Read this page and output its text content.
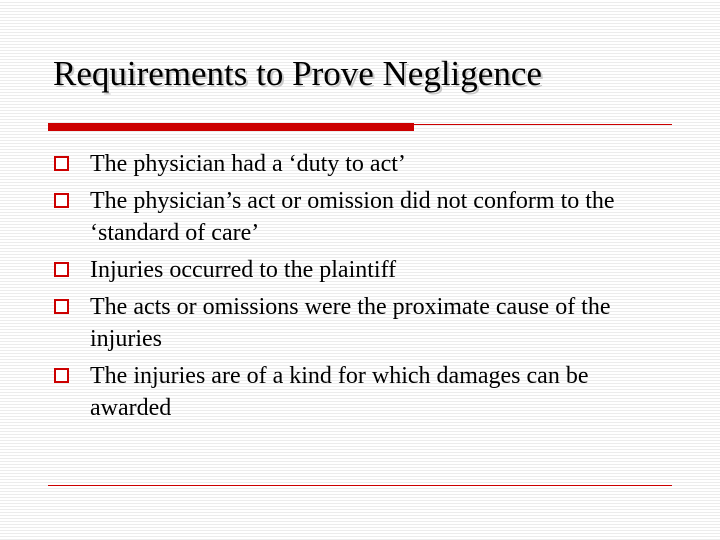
Requirements to Prove Negligence
The physician had a ‘duty to act’
The physician’s act or omission did not conform to the ‘standard of care’
Injuries occurred to the plaintiff
The acts or omissions were the proximate cause of the injuries
The injuries are of a kind for which damages can be awarded
